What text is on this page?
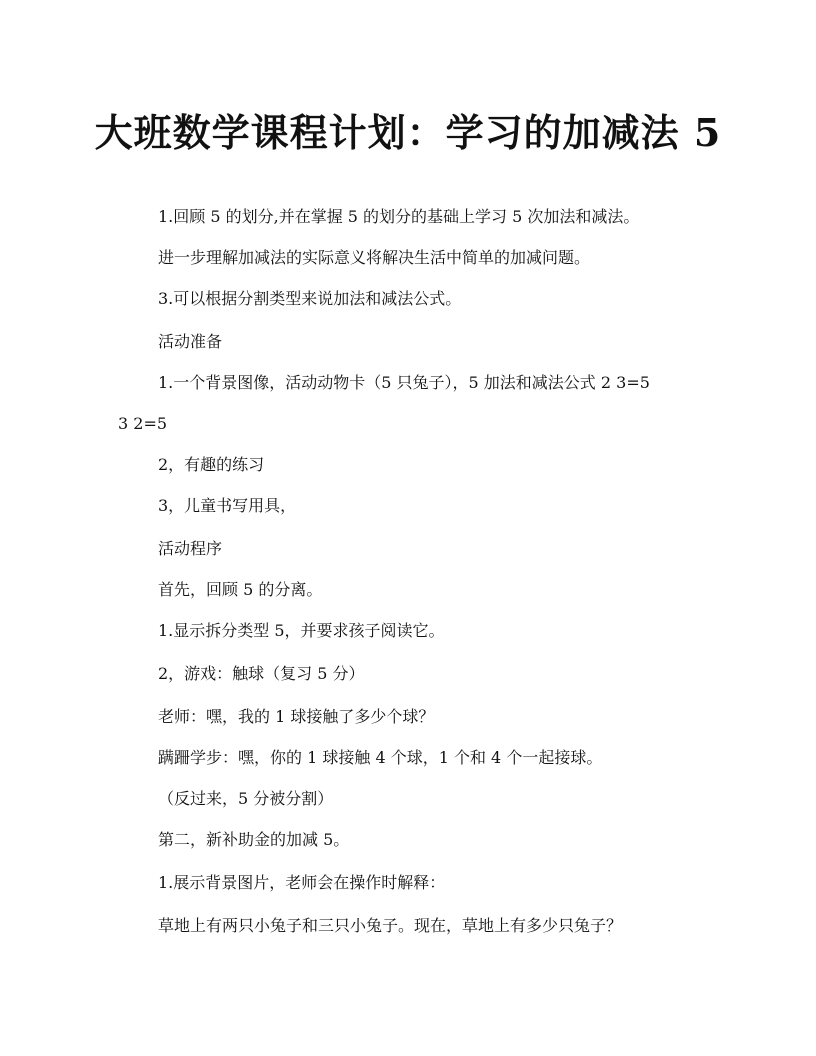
大班数学课程计划：学习的加减法 5
1.回顾 5 的划分,并在掌握 5 的划分的基础上学习 5 次加法和减法。
进一步理解加减法的实际意义将解决生活中简单的加减问题。
3.可以根据分割类型来说加法和减法公式。
活动准备
1.一个背景图像，活动动物卡（5 只兔子），5 加法和减法公式 2 3=5
3 2=5
2，有趣的练习
3，儿童书写用具，
活动程序
首先，回顾 5 的分离。
1.显示拆分类型 5，并要求孩子阅读它。
2，游戏：触球（复习 5 分）
老师：嘿，我的 1 球接触了多少个球？
蹒跚学步：嘿，你的 1 球接触 4 个球，1 个和 4 个一起接球。
（反过来，5 分被分割）
第二，新补助金的加减 5。
1.展示背景图片，老师会在操作时解释：
草地上有两只小兔子和三只小兔子。现在，草地上有多少只兔子？
